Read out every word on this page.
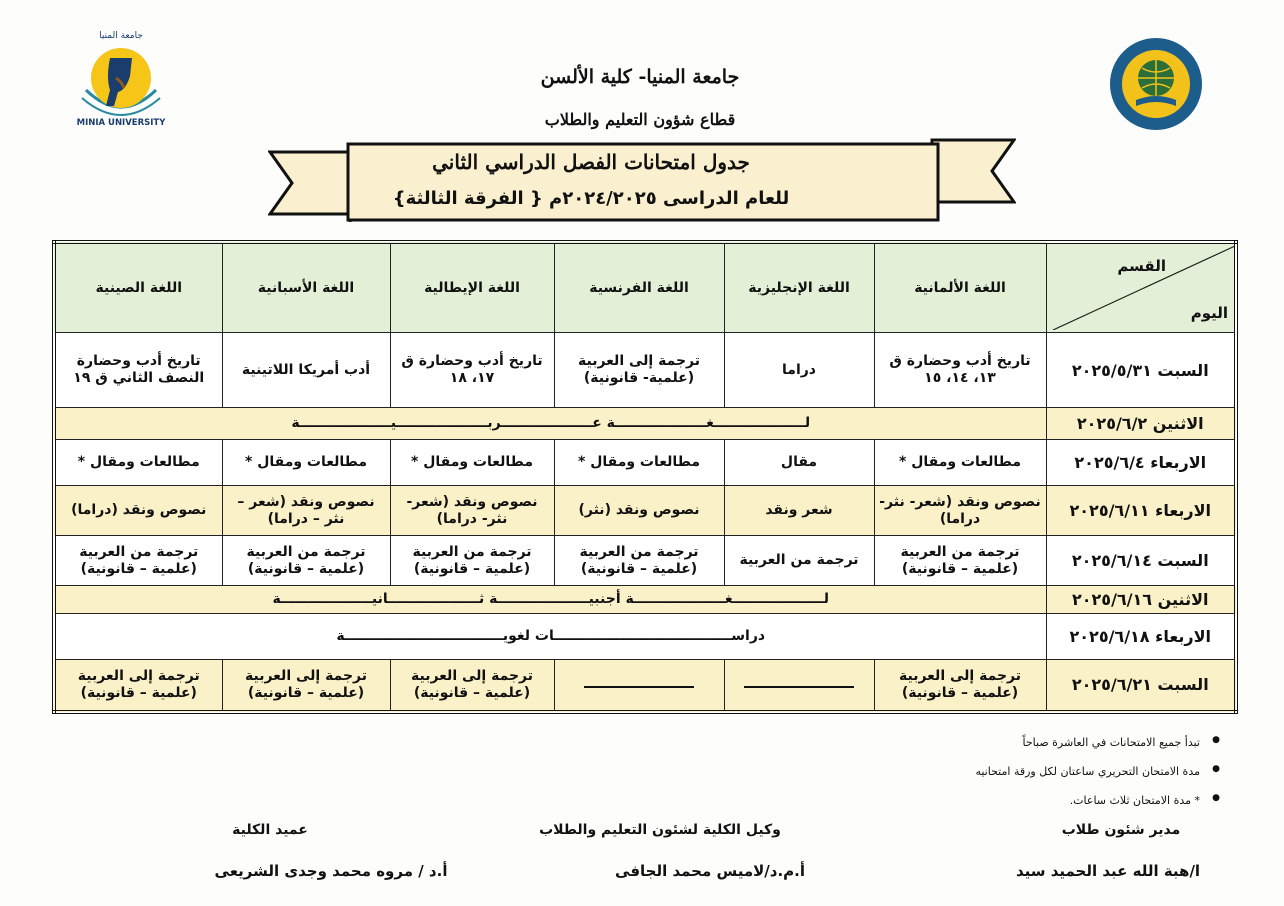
جامعة المنيا
MINIA UNIVERSITY
جامعة المنيا- كلية الألسن
قطاع شؤون التعليم والطلاب
جدول امتحانات الفصل الدراسي الثاني
للعام الدراسى ٢٠٢٤/٢٠٢٥م { الفرقة الثالثة}
القسم
اليوم	اللغة الألمانية	اللغة الإنجليزية	اللغة الفرنسية	اللغة الإيطالية	اللغة الأسبانية	اللغة الصينية
السبت ٢٠٢٥/٥/٣١	تاريخ أدب وحضارة ق ١٣، ١٤، ١٥	دراما	ترجمة إلى العربية (علمية- قانونية)	تاريخ أدب وحضارة ق ١٧، ١٨	أدب أمريكا اللاتينية	تاريخ أدب وحضارة النصف الثاني ق ١٩
الاثنين ٢٠٢٥/٦/٢	لـــــــــــــــــــغـــــــــــــــــــة عـــــــــــــــــــربـــــــــــــــــــيـــــــــــــــــــة					
الاربعاء ٢٠٢٥/٦/٤	مطالعات ومقال *	مقال	مطالعات ومقال *	مطالعات ومقال *	مطالعات ومقال *	مطالعات ومقال *
الاربعاء ٢٠٢٥/٦/١١	نصوص ونقد (شعر- نثر- دراما)	شعر ونقد	نصوص ونقد (نثر)	نصوص ونقد (شعر- نثر- دراما)	نصوص ونقد (شعر – نثر – دراما)	نصوص ونقد (دراما)
السبت ٢٠٢٥/٦/١٤	ترجمة من العربية (علمية – قانونية)	ترجمة من العربية	ترجمة من العربية (علمية – قانونية)	ترجمة من العربية (علمية – قانونية)	ترجمة من العربية (علمية – قانونية)	ترجمة من العربية (علمية – قانونية)
الاثنين ٢٠٢٥/٦/١٦	لـــــــــــــــــــغـــــــــــــــــــة أجنبيـــــــــــــــــــة ثـــــــــــــــــــانيـــــــــــــــــــة					
الاربعاء ٢٠٢٥/٦/١٨	دراســـــــــــــــــــــــــــــــــــــات لغويـــــــــــــــــــــــــــــــــة					
السبت ٢٠٢٥/٦/٢١	ترجمة إلى العربية (علمية – قانونية)			ترجمة إلى العربية (علمية – قانونية)	ترجمة إلى العربية (علمية – قانونية)	ترجمة إلى العربية (علمية – قانونية)
● تبدأ جميع الامتحانات في العاشرة صباحاً
● مدة الامتحان التحريري ساعتان لكل ورقة امتحانيه
● * مدة الامتحان ثلاث ساعات.
مدير شئون طلاب
ا/هبة الله عبد الحميد سيد
وكيل الكلية لشئون التعليم والطلاب
أ.م.د/لاميس محمد الجافى
عميد الكلية
أ.د / مروه محمد وجدى الشريعى
